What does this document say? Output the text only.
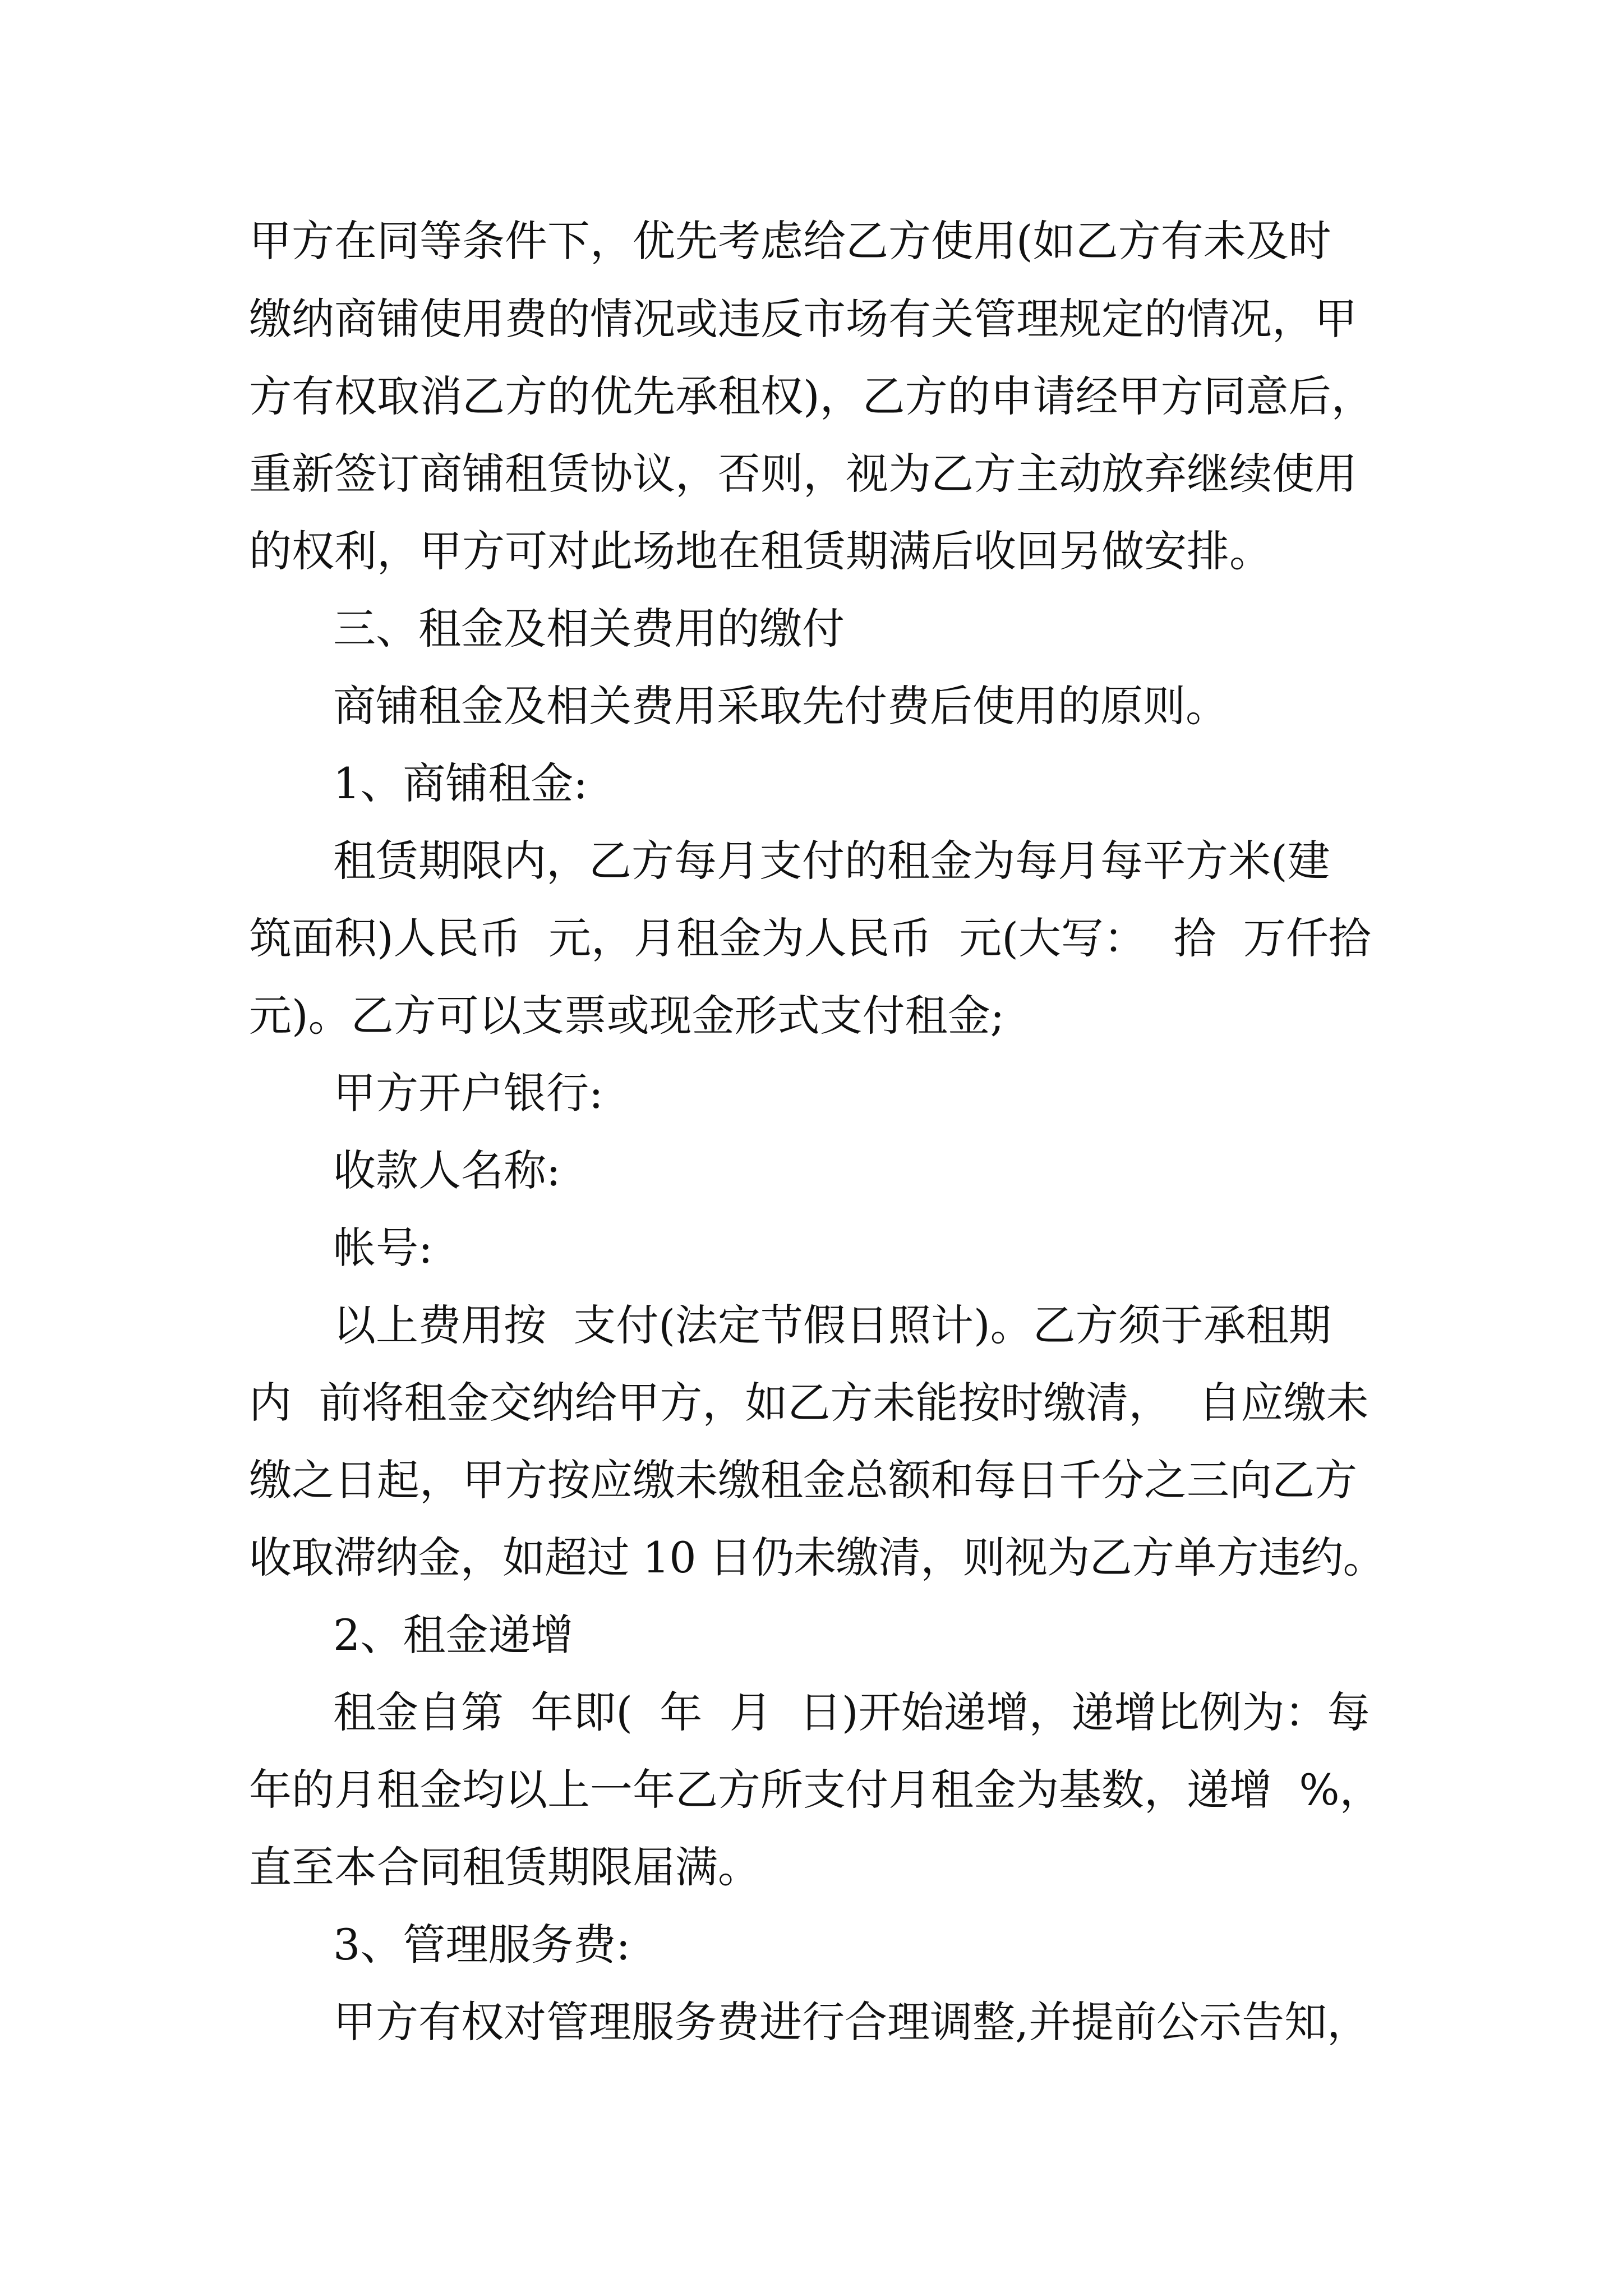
甲方在同等条件下，优先考虑给乙方使用(如乙方有未及时
缴纳商铺使用费的情况或违反市场有关管理规定的情况，甲
方有权取消乙方的优先承租权)，乙方的申请经甲方同意后，
重新签订商铺租赁协议，否则，视为乙方主动放弃继续使用
的权利，甲方可对此场地在租赁期满后收回另做安排。
三、租金及相关费用的缴付
商铺租金及相关费用采取先付费后使用的原则。
1、商铺租金:
租赁期限内，乙方每月支付的租金为每月每平方米(建
筑面积)人民币  元，月租金为人民币  元(大写：  拾  万仟拾
元)。乙方可以支票或现金形式支付租金;
甲方开户银行:
收款人名称:
帐号:
以上费用按  支付(法定节假日照计)。乙方须于承租期
内  前将租金交纳给甲方，如乙方未能按时缴清，  自应缴未
缴之日起，甲方按应缴未缴租金总额和每日千分之三向乙方
收取滞纳金，如超过 10 日仍未缴清，则视为乙方单方违约。
2、租金递增
租金自第  年即(  年  月  日)开始递增，递增比例为：每
年的月租金均以上一年乙方所支付月租金为基数，递增  %，
直至本合同租赁期限届满。
3、管理服务费:
甲方有权对管理服务费进行合理调整,并提前公示告知，
